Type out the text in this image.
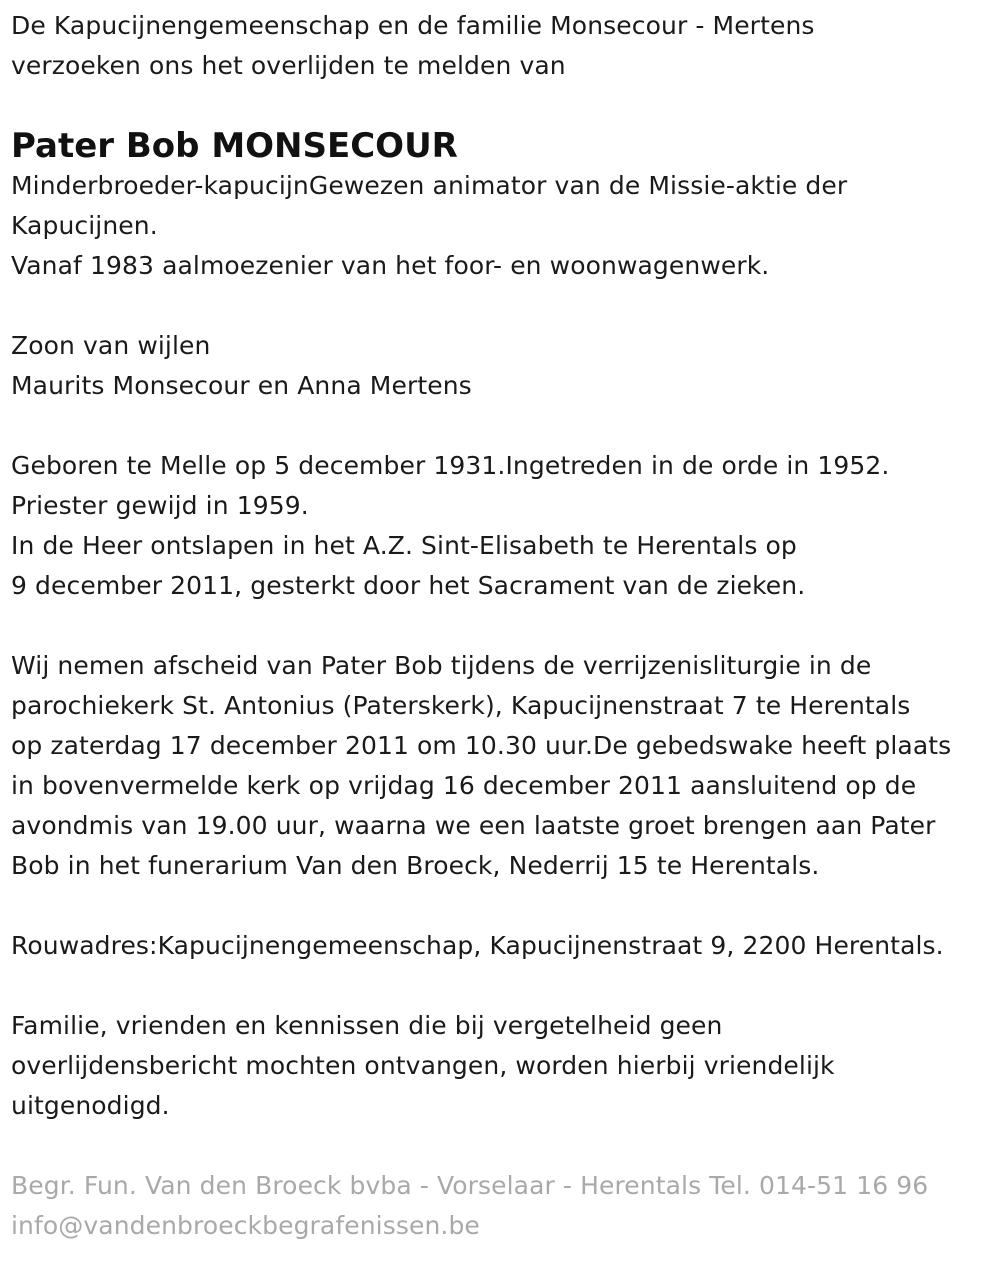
De Kapucijnengemeenschap en de familie Monsecour - Mertens
verzoeken ons het overlijden te melden van
Pater Bob MONSECOUR
Minderbroeder-kapucijnGewezen animator van de Missie-aktie der
Kapucijnen.
Vanaf 1983 aalmoezenier van het foor- en woonwagenwerk.
Zoon van wijlen
Maurits Monsecour en Anna Mertens
Geboren te Melle op 5 december 1931.Ingetreden in de orde in 1952.
Priester gewijd in 1959.
In de Heer ontslapen in het A.Z. Sint-Elisabeth te Herentals op
9 december 2011, gesterkt door het Sacrament van de zieken.
Wij nemen afscheid van Pater Bob tijdens de verrijzenisliturgie in de
parochiekerk St. Antonius (Paterskerk), Kapucijnenstraat 7 te Herentals
op zaterdag 17 december 2011 om 10.30 uur.De gebedswake heeft plaats
in bovenvermelde kerk op vrijdag 16 december 2011 aansluitend op de
avondmis van 19.00 uur, waarna we een laatste groet brengen aan Pater
Bob in het funerarium Van den Broeck, Nederrij 15 te Herentals.
Rouwadres:Kapucijnengemeenschap, Kapucijnenstraat 9, 2200 Herentals.
Familie, vrienden en kennissen die bij vergetelheid geen
overlijdensbericht mochten ontvangen, worden hierbij vriendelijk
uitgenodigd.
Begr. Fun. Van den Broeck bvba - Vorselaar - Herentals Tel. 014-51 16 96
info@vandenbroeckbegrafenissen.be
